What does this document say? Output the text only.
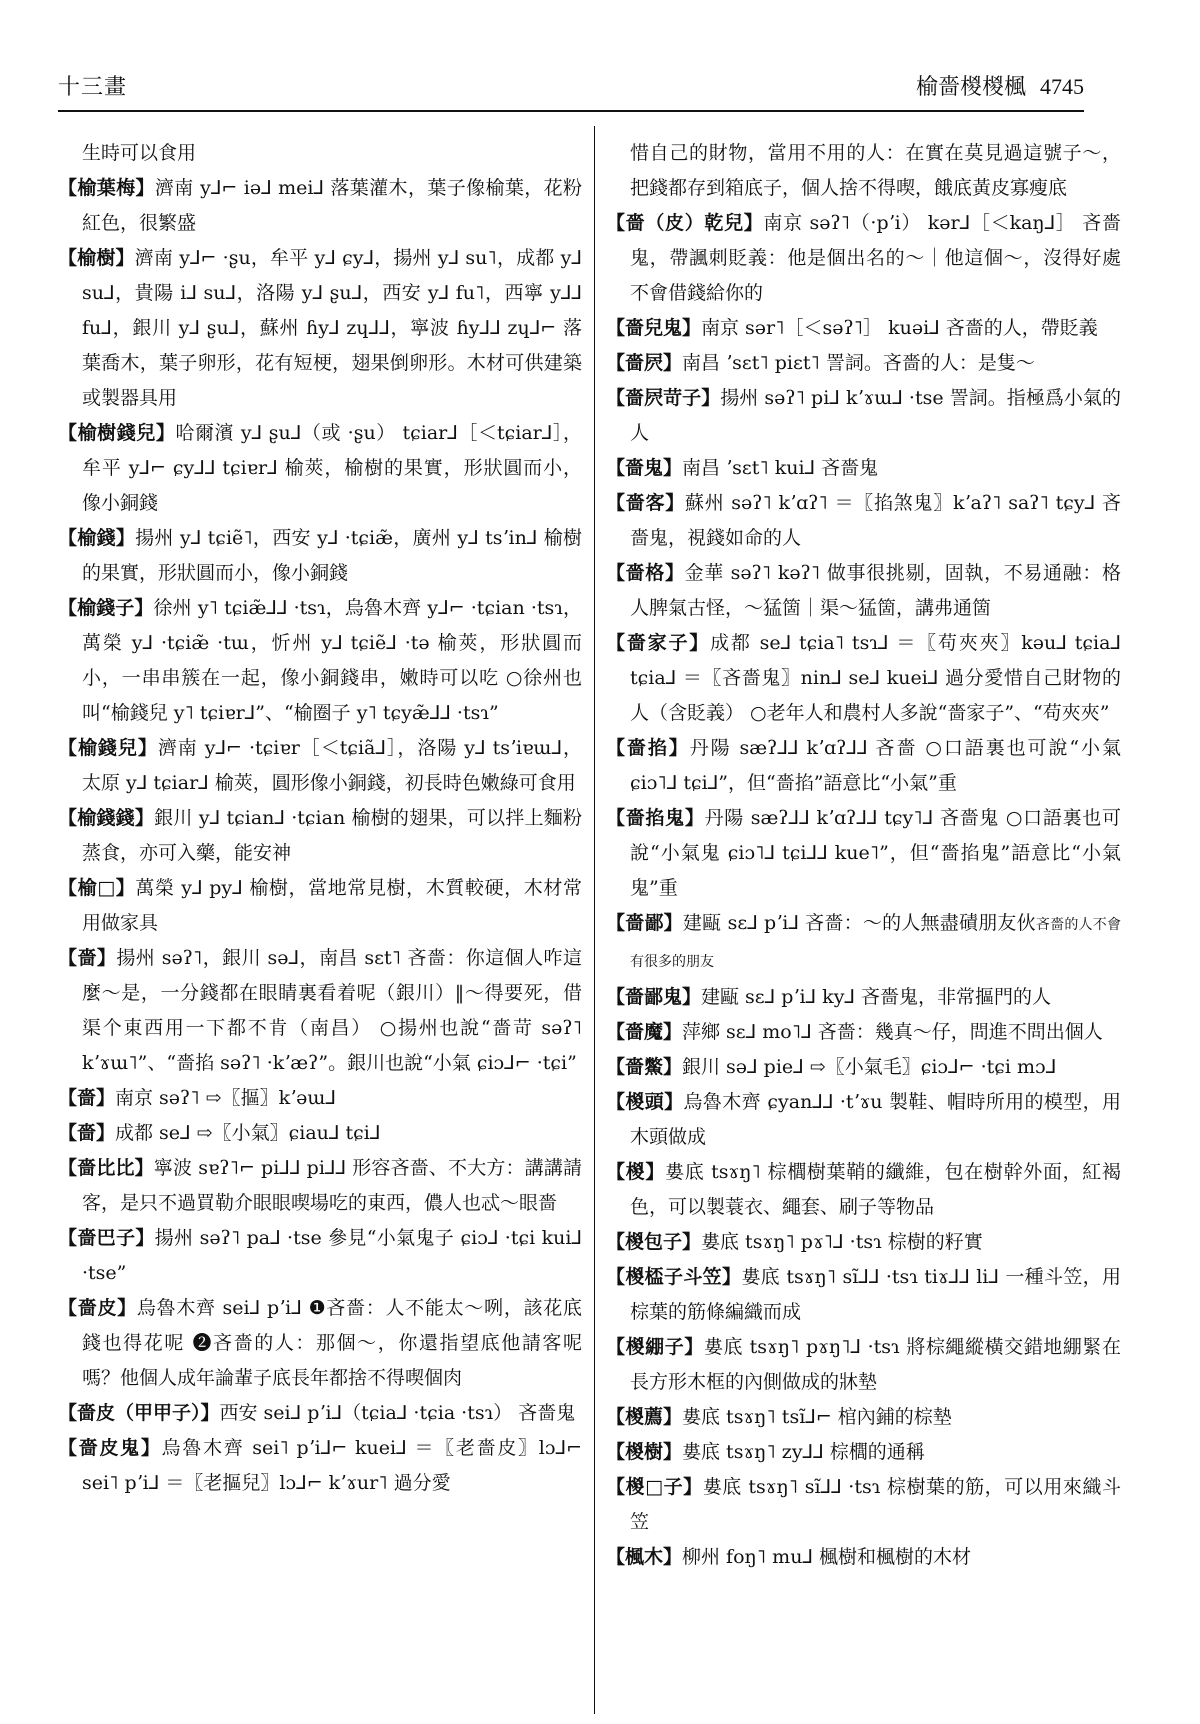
十三畫	榆嗇椶椶楓 4745

生時可以食用

【榆葉梅】濟南 y⅃⌐ iə⅃ mei⅃ 落葉灌木，葉子像榆葉，花粉紅色，很繁盛

【榆樹】濟南 y⅃⌐ ·ʂu，牟平 y⅃ ɕy⅃，揚州 y⅃ su˥，成都 y⅃ su⅃，貴陽 i⅃ su⅃，洛陽 y⅃ ʂu⅃，西安 y⅃ fu˥，西寧 y⅃⅃ fu⅃，銀川 y⅃ ʂu⅃，蘇州 ɦy⅃ zɥ⅃⅃，寧波 ɦy⅃⅃ zɥ⅃⌐ 落葉喬木，葉子卵形，花有短梗，翅果倒卵形。木材可供建築或製器具用

【榆樹錢兒】哈爾濱 y⅃ ʂu⅃（或 ·ʂu） tɕiar⅃［＜tɕiar⅃］，牟平 y⅃⌐ ɕy⅃⅃ tɕiɐr⅃ 榆莢，榆樹的果實，形狀圓而小，像小銅錢

【榆錢】揚州 y⅃ tɕiẽ˥，西安 y⅃ ·tɕiæ̃，廣州 y⅃ tsʼin⅃ 榆樹的果實，形狀圓而小，像小銅錢

【榆錢子】徐州 y˥ tɕiæ̃⅃⅃ ·tsɿ，烏魯木齊 y⅃⌐ ·tɕian ·tsɿ，萬榮 y⅃ ·tɕiæ̃ ·tɯ，忻州 y⅃ tɕiẽ⅃ ·tə 榆莢，形狀圓而小，一串串簇在一起，像小銅錢串，嫩時可以吃 ○徐州也叫“榆錢兒 y˥ tɕiɐr⅃”、“榆圈子 y˥ tɕyæ̃⅃⅃ ·tsɿ”

【榆錢兒】濟南 y⅃⌐ ·tɕiɐr［＜tɕiã⅃］，洛陽 y⅃ tsʼiɐɯ⅃，太原 y⅃ tɕiar⅃ 榆莢，圓形像小銅錢，初長時色嫩綠可食用

【榆錢錢】銀川 y⅃ tɕian⅃ ·tɕian 榆樹的翅果，可以拌上麵粉蒸食，亦可入藥，能安神

【榆□】萬榮 y⅃ py⅃ 榆樹，當地常見樹，木質較硬，木材常用做家具

【嗇】揚州 səʔ˥，銀川 sə⅃，南昌 sɛt˥ 吝嗇：你這個人咋這麼～是，一分錢都在眼睛裏看着呢（銀川）‖～得要死，借渠个東西用一下都不肯（南昌） ○揚州也說“嗇苛 səʔ˥ kʼɤɯ˥”、“嗇掐 səʔ˥ ·kʼæʔ”。銀川也說“小氣 ɕiɔ⅃⌐ ·tɕi”

【嗇】南京 səʔ˥ ⇨〖摳〗kʼəɯ⅃

【嗇】成都 se⅃ ⇨〖小氣〗ɕiau⅃ tɕi⅃

【嗇比比】寧波 sɐʔ˥⌐ pi⅃⅃ pi⅃⅃ 形容吝嗇、不大方：講講請客，是只不過買勒介眼眼喫場吃的東西，儂人也忒～眼嗇

【嗇巴子】揚州 səʔ˥ pa⅃ ·tse 參見“小氣鬼子 ɕiɔ⅃ ·tɕi kui⅃ ·tse”

【嗇皮】烏魯木齊 sei⅃ pʼi⅃ ❶吝嗇：人不能太～咧，該花底錢也得花呢 ❷吝嗇的人：那個～，你還指望底他請客呢嗎？他個人成年論輩子底長年都捨不得喫個肉

【嗇皮（甲甲子）】西安 sei⅃ pʼi⅃（tɕia⅃ ·tɕia ·tsɿ） 吝嗇鬼

【嗇皮鬼】烏魯木齊 sei˥ pʼi⅃⌐ kuei⅃ ＝〖老嗇皮〗lɔ⅃⌐ sei˥ pʼi⅃ ＝〖老摳兒〗lɔ⅃⌐ kʼɤur˥ 過分愛

惜自己的財物，當用不用的人：在實在莫見過這號子～，把錢都存到箱底子，個人捨不得喫，餓底黃皮寡瘦底

【嗇（皮）乾兒】南京 səʔ˥（·pʼi） kər⅃［＜kaŋ⅃］ 吝嗇鬼，帶諷刺貶義：他是個出名的～｜他這個～，沒得好處不會借錢給你的

【嗇兒鬼】南京 sər˥［＜səʔ˥］ kuəi⅃ 吝嗇的人，帶貶義

【嗇屄】南昌 ʼsɛt˥ piɛt˥ 詈詞。吝嗇的人：是隻～

【嗇屄苛子】揚州 səʔ˥ pi⅃ kʼɤɯ⅃ ·tse 詈詞。指極爲小氣的人

【嗇鬼】南昌 ʼsɛt˥ kui⅃ 吝嗇鬼

【嗇客】蘇州 səʔ˥ kʼɑʔ˥ ＝〖掐煞鬼〗kʼaʔ˥ saʔ˥ tɕy⅃ 吝嗇鬼，視錢如命的人

【嗇格】金華 səʔ˥ kəʔ˥ 做事很挑剔，固執，不易通融：格人脾氣古怪，～猛箇｜渠～猛箇，講弗通箇

【嗇家子】成都 se⅃ tɕia˥ tsɿ⅃ ＝〖苟夾夾〗kəu⅃ tɕia⅃ tɕia⅃ ＝〖吝嗇鬼〗nin⅃ se⅃ kuei⅃ 過分愛惜自己財物的人（含貶義） ○老年人和農村人多說“嗇家子”、“苟夾夾”

【嗇掐】丹陽 sæʔ⅃⅃ kʼɑʔ⅃⅃ 吝嗇 ○口語裏也可說“小氣 ɕiɔ˥⅃ tɕi⅃”，但“嗇掐”語意比“小氣”重

【嗇掐鬼】丹陽 sæʔ⅃⅃ kʼɑʔ⅃⅃ tɕy˥⅃ 吝嗇鬼 ○口語裏也可說“小氣鬼 ɕiɔ˥⅃ tɕi⅃⅃ kue˥”，但“嗇掐鬼”語意比“小氣鬼”重

【嗇鄙】建甌 sɛ⅃ pʼi⅃ 吝嗇：～的人無盡磧朋友伙吝嗇的人不會有很多的朋友

【嗇鄙鬼】建甌 sɛ⅃ pʼi⅃ ky⅃ 吝嗇鬼，非常摳門的人

【嗇魔】萍鄉 sɛ⅃ mo˥⅃ 吝嗇：幾真～仔，問進不問出個人

【嗇鱉】銀川 sə⅃ pie⅃ ⇨〖小氣毛〗ɕiɔ⅃⌐ ·tɕi mɔ⅃

【椶頭】烏魯木齊 ɕyan⅃⅃ ·tʼɤu 製鞋、帽時所用的模型，用木頭做成

【椶】婁底 tsɤŋ˥ 棕櫚樹葉鞘的纖維，包在樹幹外面，紅褐色，可以製蓑衣、繩套、刷子等物品

【椶包子】婁底 tsɤŋ˥ pɤ˥⅃ ·tsɿ 棕樹的籽實

【椶㮎子斗笠】婁底 tsɤŋ˥ sĩ⅃⅃ ·tsɿ tiɤ⅃⅃ li⅃ 一種斗笠，用棕葉的筋條編織而成

【椶綳子】婁底 tsɤŋ˥ pɤŋ˥⅃ ·tsɿ 將棕繩縱橫交錯地綳緊在長方形木框的內側做成的牀墊

【椶薦】婁底 tsɤŋ˥ tsĩ⅃⌐ 棺內鋪的棕墊

【椶樹】婁底 tsɤŋ˥ zy⅃⅃ 棕櫚的通稱

【椶□子】婁底 tsɤŋ˥ sĩ⅃⅃ ·tsɿ 棕樹葉的筋，可以用來織斗笠

【楓木】柳州 foŋ˥ mu⅃ 楓樹和楓樹的木材
